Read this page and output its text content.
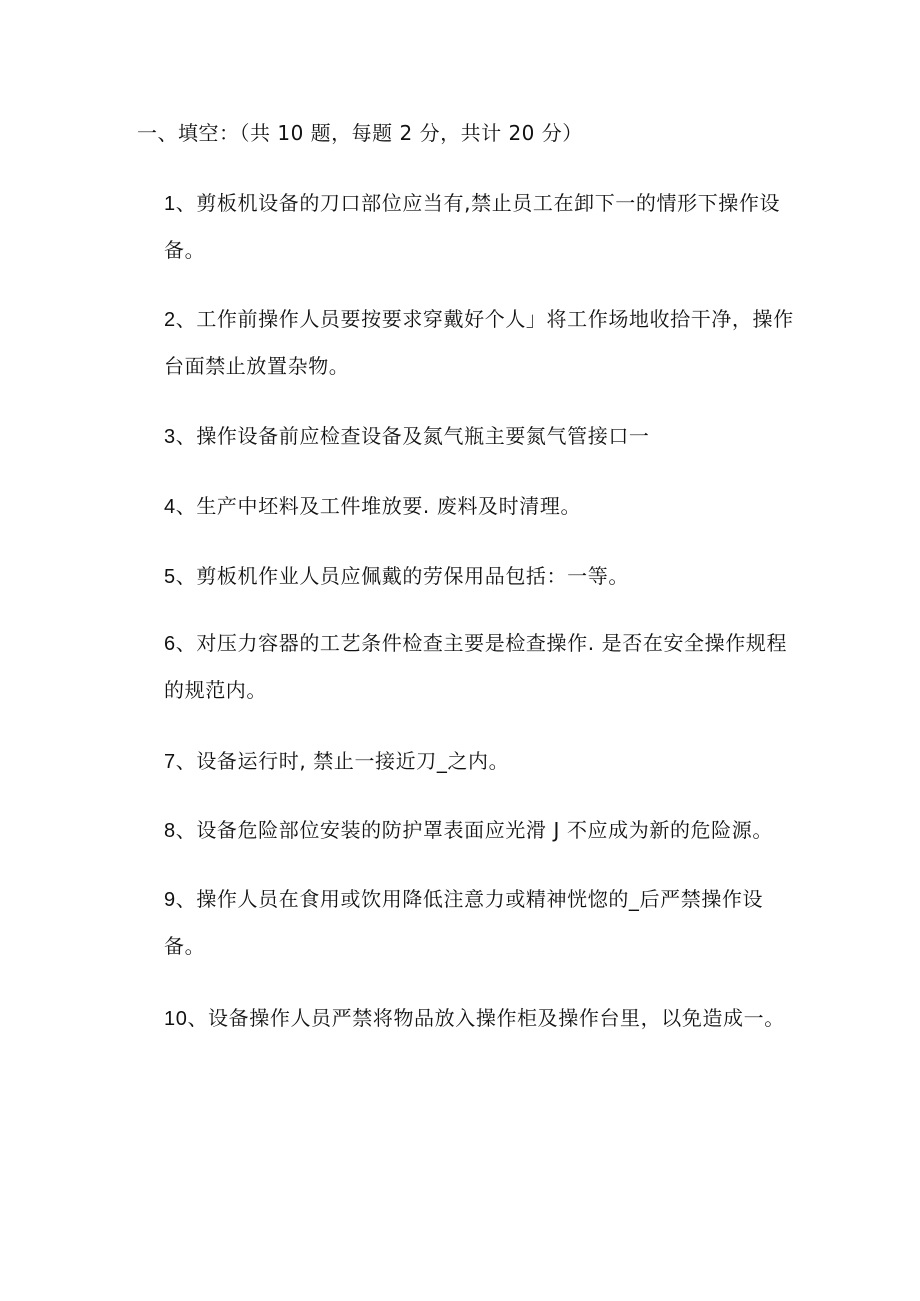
一、填空：（共 10 题，每题 2 分，共计 20 分）
1、剪板机设备的刀口部位应当有,禁止员工在卸下一的情形下操作设备。
2、工作前操作人员要按要求穿戴好个人」将工作场地收拾干净，操作台面禁止放置杂物。
3、操作设备前应检查设备及氮气瓶主要氮气管接口一
4、生产中坯料及工件堆放要. 废料及时清理。
5、剪板机作业人员应佩戴的劳保用品包括：一等。
6、对压力容器的工艺条件检查主要是检查操作. 是否在安全操作规程的规范内。
7、设备运行时, 禁止一接近刀_之内。
8、设备危险部位安装的防护罩表面应光滑 J 不应成为新的危险源。
9、操作人员在食用或饮用降低注意力或精神恍惚的_后严禁操作设备。
10、设备操作人员严禁将物品放入操作柜及操作台里，以免造成一。
